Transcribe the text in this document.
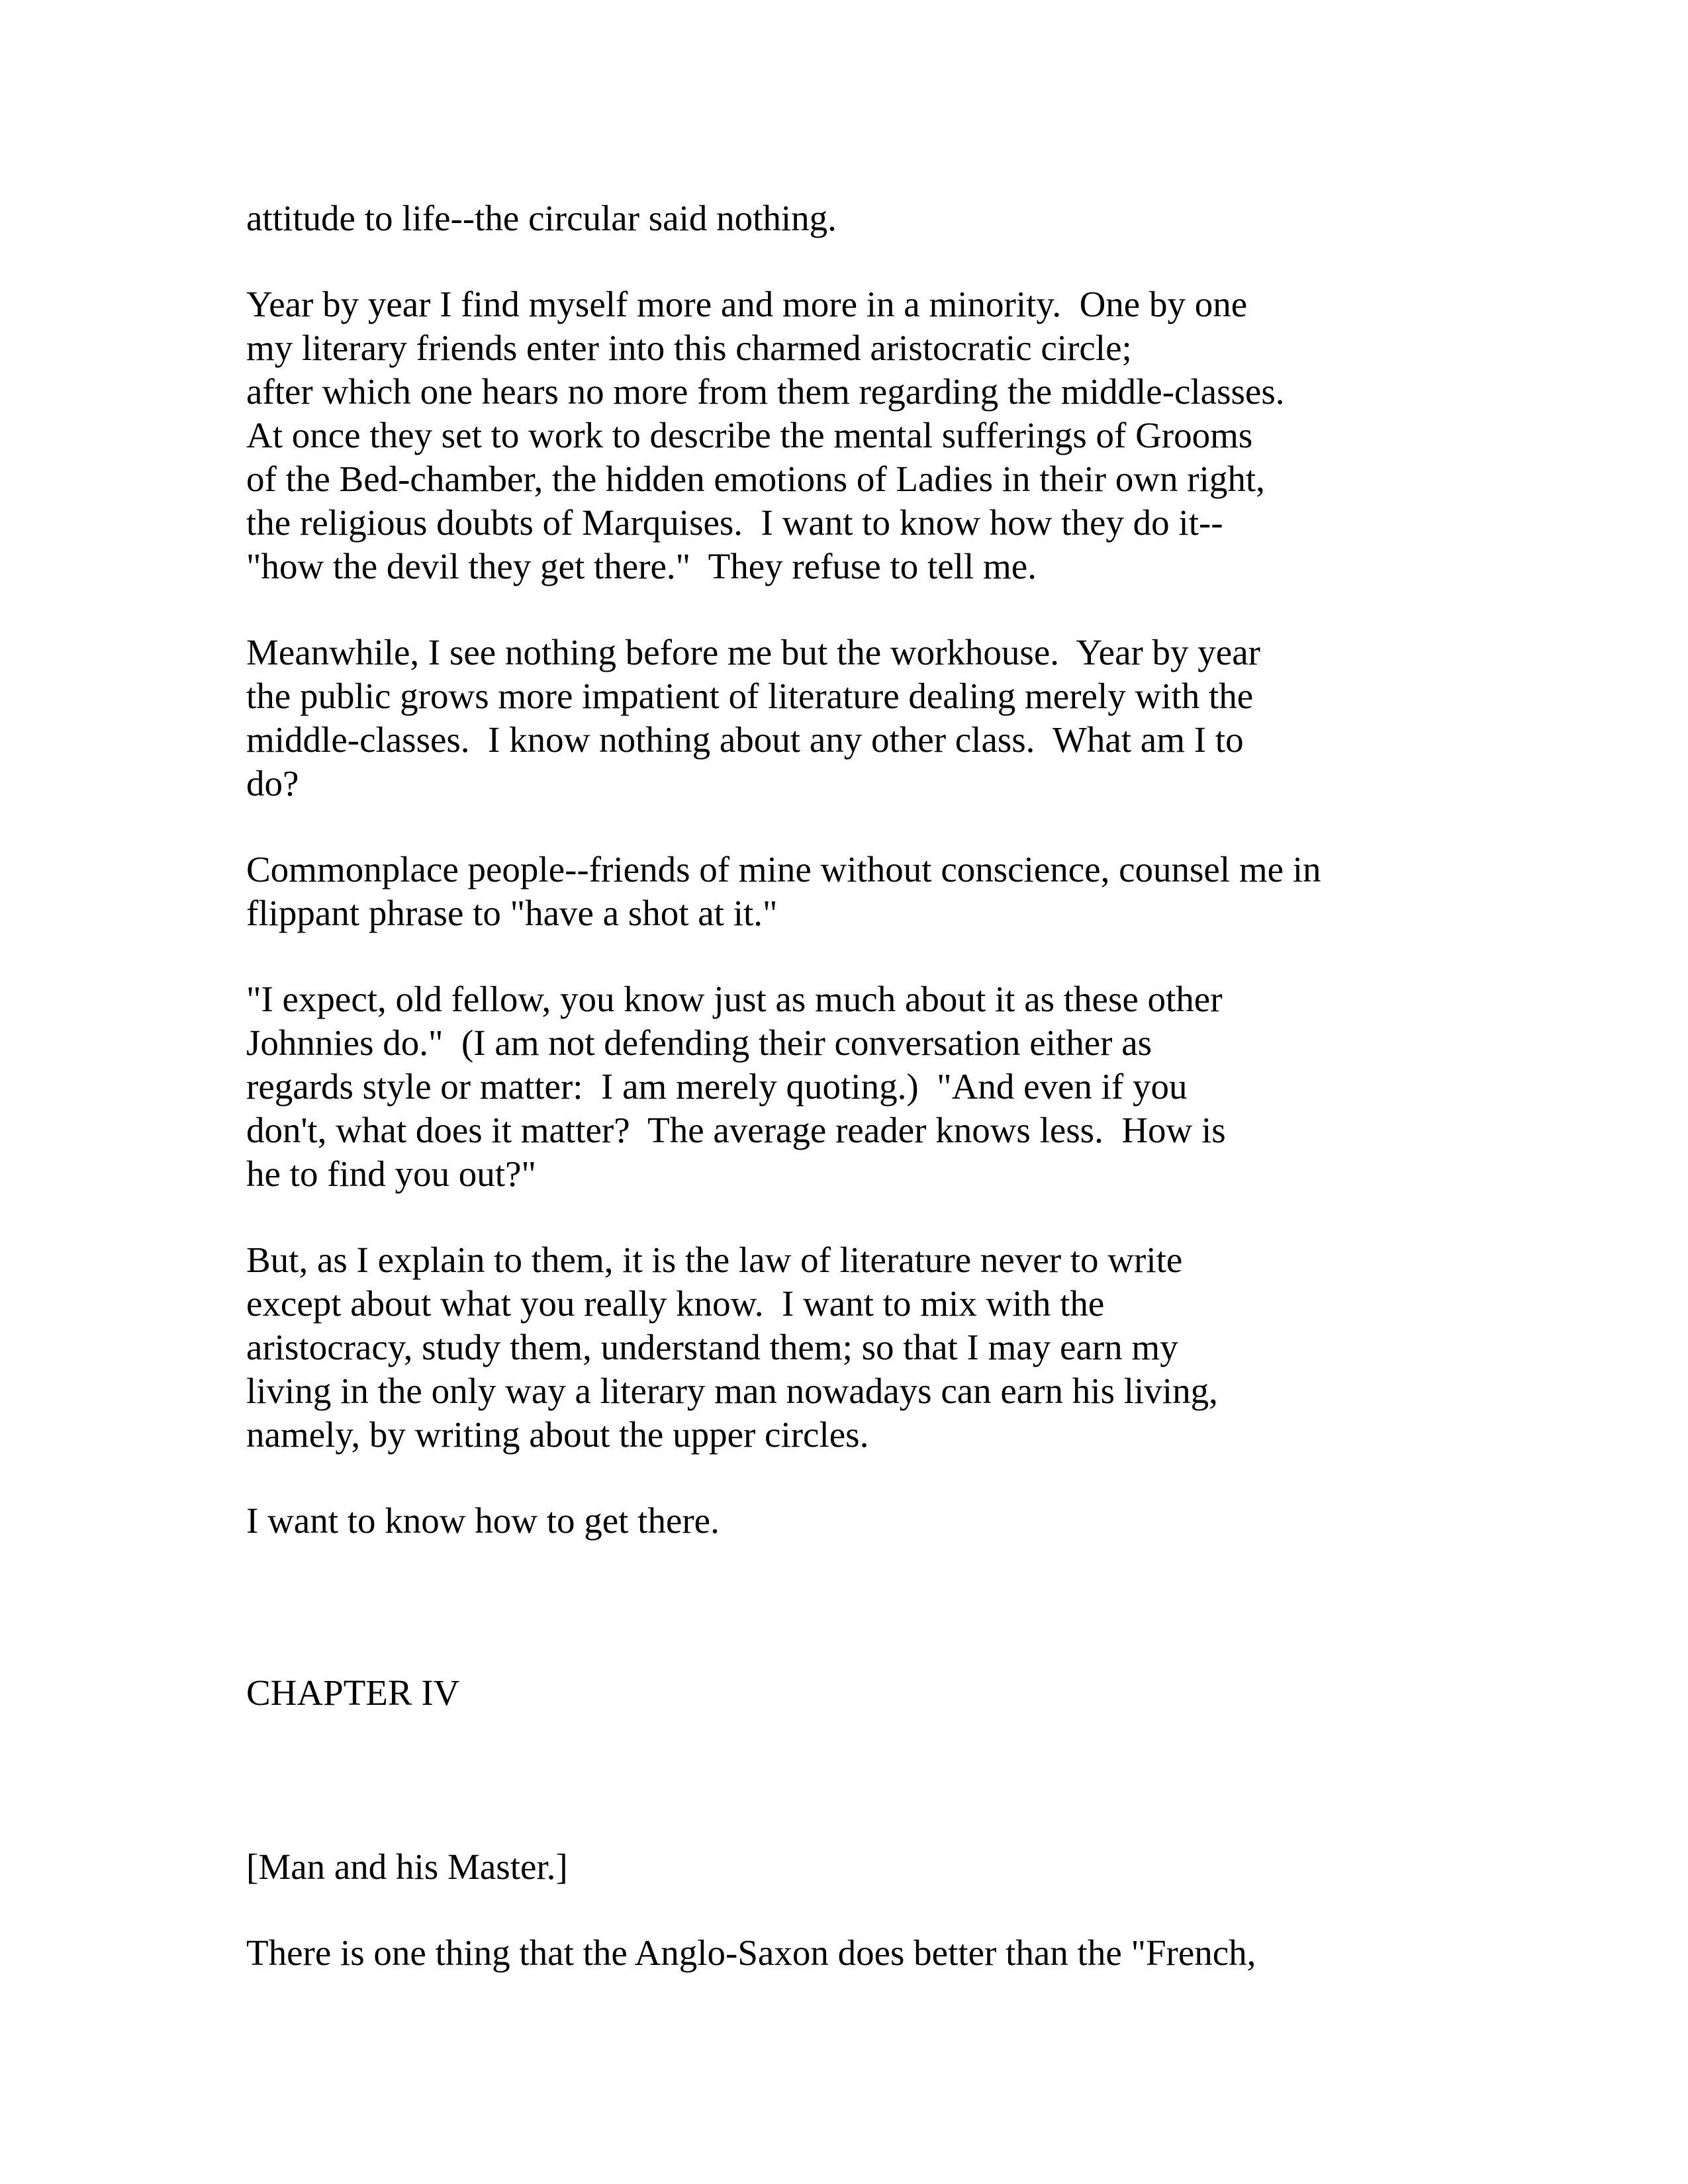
attitude to life--the circular said nothing.

Year by year I find myself more and more in a minority.  One by one

my literary friends enter into this charmed aristocratic circle;

after which one hears no more from them regarding the middle-classes.

At once they set to work to describe the mental sufferings of Grooms

of the Bed-chamber, the hidden emotions of Ladies in their own right,

the religious doubts of Marquises.  I want to know how they do it--

"how the devil they get there."  They refuse to tell me.

Meanwhile, I see nothing before me but the workhouse.  Year by year

the public grows more impatient of literature dealing merely with the

middle-classes.  I know nothing about any other class.  What am I to

do?

Commonplace people--friends of mine without conscience, counsel me in

flippant phrase to "have a shot at it."

"I expect, old fellow, you know just as much about it as these other

Johnnies do."  (I am not defending their conversation either as

regards style or matter:  I am merely quoting.)  "And even if you

don't, what does it matter?  The average reader knows less.  How is

he to find you out?"

But, as I explain to them, it is the law of literature never to write

except about what you really know.  I want to mix with the

aristocracy, study them, understand them; so that I may earn my

living in the only way a literary man nowadays can earn his living,

namely, by writing about the upper circles.

I want to know how to get there.

CHAPTER IV

[Man and his Master.]

There is one thing that the Anglo-Saxon does better than the "French,
